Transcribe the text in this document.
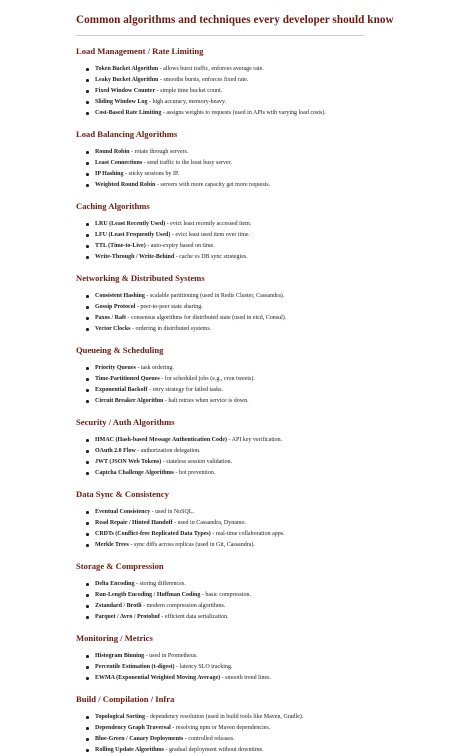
Common algorithms and techniques every developer should know
Load Management / Rate Limiting
Token Bucket Algorithm - allows burst traffic, enforces average rate.
Leaky Bucket Algorithm - smooths bursts, enforces fixed rate.
Fixed Window Counter - simple time bucket count.
Sliding Window Log - high accuracy, memory-heavy.
Cost-Based Rate Limiting - assigns weights to requests (used in APIs with varying load costs).
Load Balancing Algorithms
Round Robin - rotate through servers.
Least Connections - send traffic to the least busy server.
IP Hashing - sticky sessions by IP.
Weighted Round Robin - servers with more capacity get more requests.
Caching Algorithms
LRU (Least Recently Used) - evict least recently accessed item.
LFU (Least Frequently Used) - evict least used item over time.
TTL (Time-to-Live) - auto-expiry based on time.
Write-Through / Write-Behind - cache vs DB sync strategies.
Networking & Distributed Systems
Consistent Hashing - scalable partitioning (used in Redis Cluster, Cassandra).
Gossip Protocol - peer-to-peer state sharing.
Paxos / Raft - consensus algorithms for distributed state (used in etcd, Consul).
Vector Clocks - ordering in distributed systems.
Queueing & Scheduling
Priority Queues - task ordering.
Time-Partitioned Queues - for scheduled jobs (e.g., cron tweets).
Exponential Backoff - retry strategy for failed tasks.
Circuit Breaker Algorithm - halt retries when service is down.
Security / Auth Algorithms
HMAC (Hash-based Message Authentication Code) - API key verification.
OAuth 2.0 Flow - authorization delegation.
JWT (JSON Web Tokens) - stateless session validation.
Captcha Challenge Algorithms - bot prevention.
Data Sync & Consistency
Eventual Consistency - used in NoSQL.
Read Repair / Hinted Handoff - used in Cassandra, Dynamo.
CRDTs (Conflict-free Replicated Data Types) - real-time collaboration apps.
Merkle Trees - sync diffs across replicas (used in Git, Cassandra).
Storage & Compression
Delta Encoding - storing differences.
Run-Length Encoding / Huffman Coding - basic compression.
Zstandard / Brotli - modern compression algorithms.
Parquet / Avro / Protobuf - efficient data serialization.
Monitoring / Metrics
Histogram Binning - used in Prometheus.
Percentile Estimation (t-digest) - latency SLO tracking.
EWMA (Exponential Weighted Moving Average) - smooth trend lines.
Build / Compilation / Infra
Topological Sorting - dependency resolution (used in build tools like Maven, Gradle).
Dependency Graph Traversal - resolving npm or Maven dependencies.
Blue-Green / Canary Deployments - controlled releases.
Rolling Update Algorithms - gradual deployment without downtime.
